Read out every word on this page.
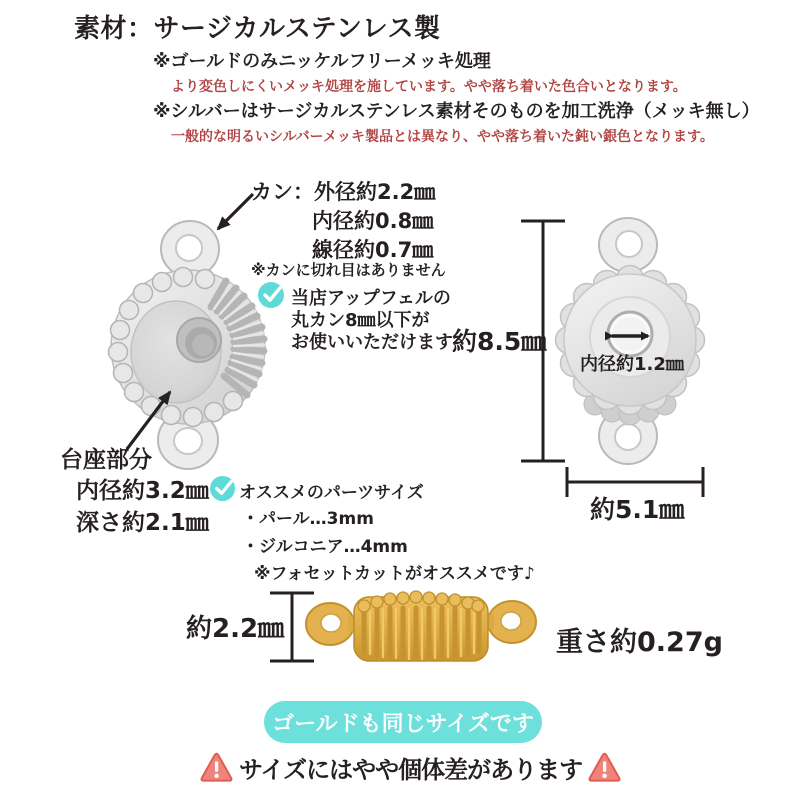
素材：サージカルステンレス製
※ゴールドのみニッケルフリーメッキ処理
より変色しにくいメッキ処理を施しています。やや落ち着いた色合いとなります。
※シルバーはサージカルステンレス素材そのものを加工洗浄（メッキ無し）
一般的な明るいシルバーメッキ製品とは異なり、やや落ち着いた鈍い銀色となります。
カン：外径約2.2㎜
内径約0.8㎜
線径約0.7㎜
※カンに切れ目はありません
当店アップフェルの
丸カン8㎜以下が
お使いいただけます
台座部分
内径約3.2㎜
深さ約2.1㎜
オススメのパーツサイズ
・パール…3mm
・ジルコニア…4mm
※フォセットカットがオススメです♪
約8.5㎜
内径約1.2㎜
約5.1㎜
約2.2㎜	重さ約0.27g
ゴールドも同じサイズです
サイズにはやや個体差があります
